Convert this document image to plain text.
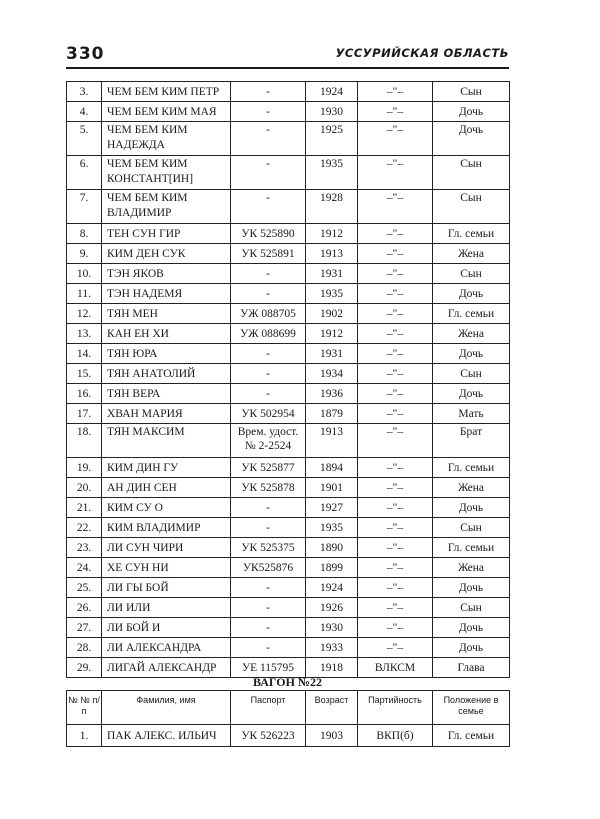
330	УССУРИЙСКАЯ ОБЛАСТЬ
3.	ЧЕМ БЕМ КИМ ПЕТР	-	1924	–"–	Сын
4.	ЧЕМ БЕМ КИМ МАЯ	-	1930	–"–	Дочь
5.	ЧЕМ БЕМ КИМ НАДЕЖДА	-	1925	–"–	Дочь
6.	ЧЕМ БЕМ КИМ КОНСТАНТ[ИН]	-	1935	–"–	Сын
7.	ЧЕМ БЕМ КИМ ВЛАДИМИР	-	1928	–"–	Сын
8.	ТЕН СУН ГИР	УК 525890	1912	–"–	Гл. семьи
9.	КИМ ДЕН СУК	УК 525891	1913	–"–	Жена
10.	ТЭН ЯКОВ	-	1931	–"–	Сын
11.	ТЭН НАДЕМЯ	-	1935	–"–	Дочь
12.	ТЯН МЕН	УЖ 088705	1902	–"–	Гл. семьи
13.	КАН ЕН ХИ	УЖ 088699	1912	–"–	Жена
14.	ТЯН ЮРА	-	1931	–"–	Дочь
15.	ТЯН АНАТОЛИЙ	-	1934	–"–	Сын
16.	ТЯН ВЕРА	-	1936	–"–	Дочь
17.	ХВАН МАРИЯ	УК 502954	1879	–"–	Мать
18.	ТЯН МАКСИМ	Врем. удост. № 2-2524	1913	–"–	Брат
19.	КИМ ДИН ГУ	УК 525877	1894	–"–	Гл. семьи
20.	АН ДИН СЕН	УК 525878	1901	–"–	Жена
21.	КИМ СУ О	-	1927	–"–	Дочь
22.	КИМ ВЛАДИМИР	-	1935	–"–	Сын
23.	ЛИ СУН ЧИРИ	УК 525375	1890	–"–	Гл. семьи
24.	ХЕ СУН НИ	УК525876	1899	–"–	Жена
25.	ЛИ ГЫ БОЙ	-	1924	–"–	Дочь
26.	ЛИ ИЛИ	-	1926	–"–	Сын
27.	ЛИ БОЙ И	-	1930	–"–	Дочь
28.	ЛИ АЛЕКСАНДРА	-	1933	–"–	Дочь
29.	ЛИГАЙ АЛЕКСАНДР	УЕ 115795	1918	ВЛКСМ	Глава
ВАГОН №22
№ № п/п	Фамилия, имя	Паспорт	Возраст	Партийность	Положение в семье
1.	ПАК АЛЕКС. ИЛЬИЧ	УК 526223	1903	ВКП(б)	Гл. семьи
